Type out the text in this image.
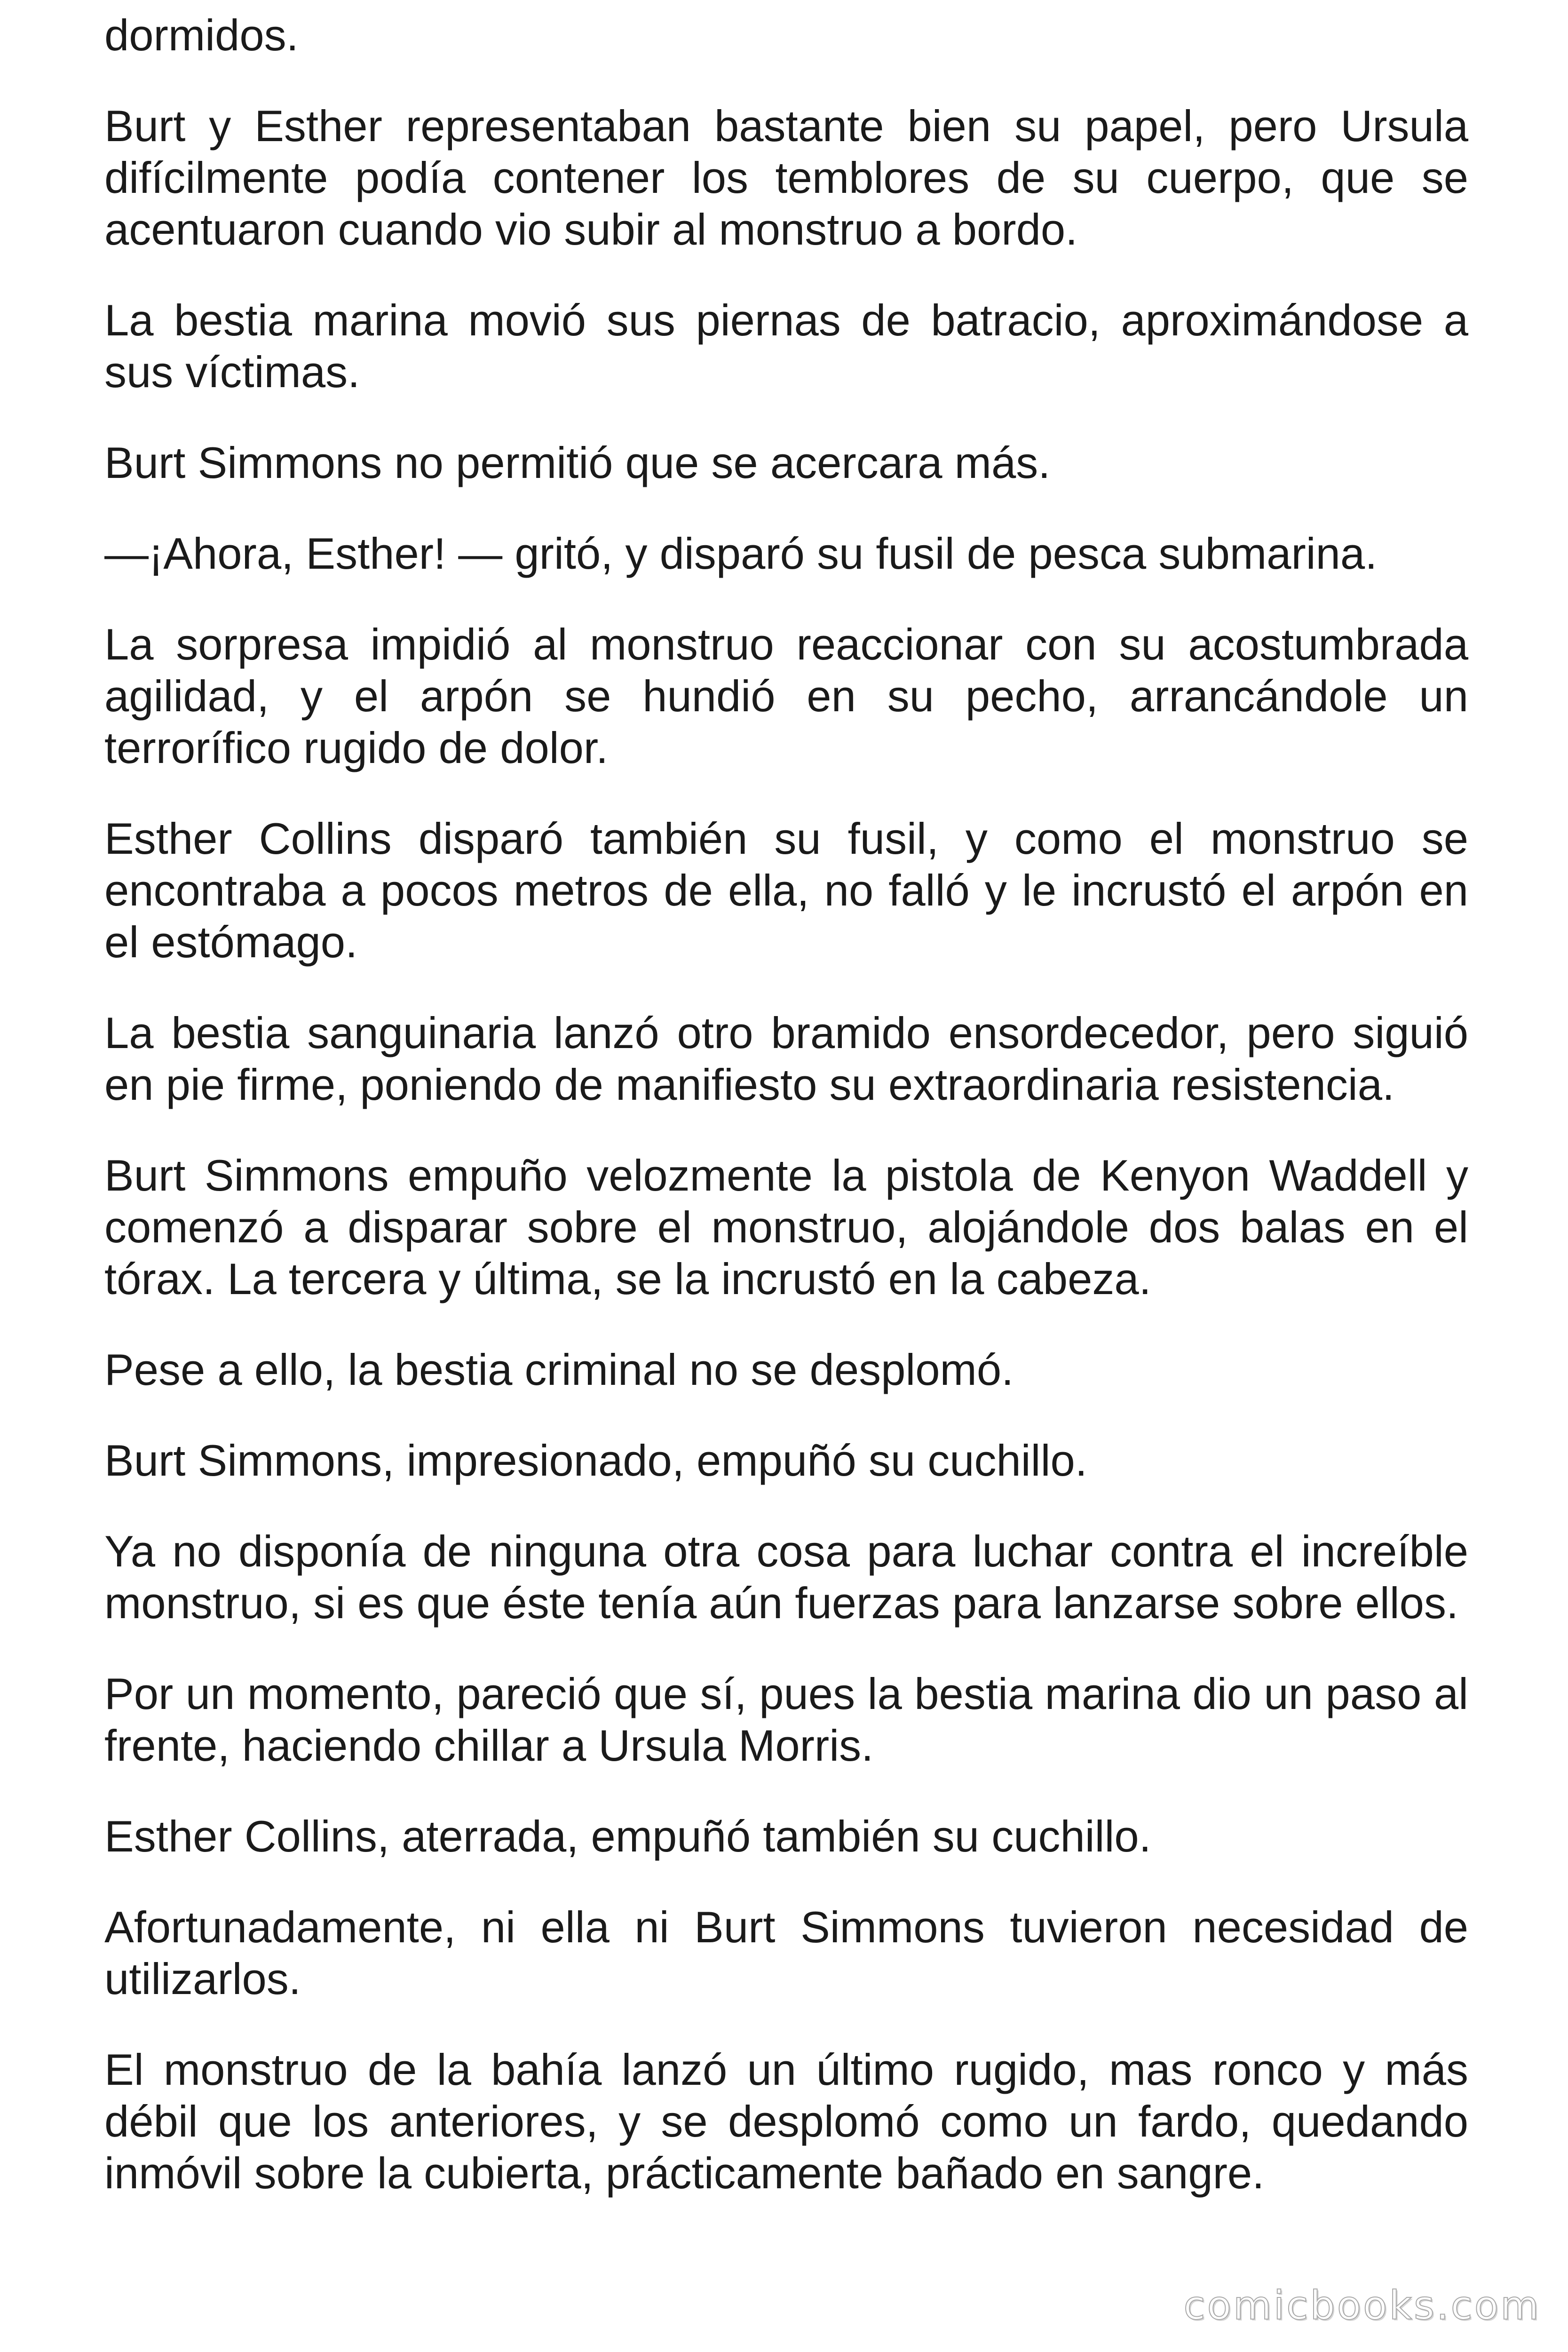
dormidos.

Burt y Esther representaban bastante bien su papel, pero Ursula difícilmente podía contener los temblores de su cuerpo, que se acentuaron cuando vio subir al monstruo a bordo.

La bestia marina movió sus piernas de batracio, aproximándose a sus víctimas.

Burt Simmons no permitió que se acercara más.

—¡Ahora, Esther! — gritó, y disparó su fusil de pesca submarina.

La sorpresa impidió al monstruo reaccionar con su acostumbrada agilidad, y el arpón se hundió en su pecho, arrancándole un terrorífico rugido de dolor.

Esther Collins disparó también su fusil, y como el monstruo se encontraba a pocos metros de ella, no falló y le incrustó el arpón en el estómago.

La bestia sanguinaria lanzó otro bramido ensordecedor, pero siguió en pie firme, poniendo de manifiesto su extraordinaria resistencia.

Burt Simmons empuño velozmente la pistola de Kenyon Waddell y comenzó a disparar sobre el monstruo, alojándole dos balas en el tórax. La tercera y última, se la incrustó en la cabeza.

Pese a ello, la bestia criminal no se desplomó.

Burt Simmons, impresionado, empuñó su cuchillo.

Ya no disponía de ninguna otra cosa para luchar contra el increíble monstruo, si es que éste tenía aún fuerzas para lanzarse sobre ellos.

Por un momento, pareció que sí, pues la bestia marina dio un paso al frente, haciendo chillar a Ursula Morris.

Esther Collins, aterrada, empuñó también su cuchillo.

Afortunadamente, ni ella ni Burt Simmons tuvieron necesidad de utilizarlos.

El monstruo de la bahía lanzó un último rugido, mas ronco y más débil que los anteriores, y se desplomó como un fardo, quedando inmóvil sobre la cubierta, prácticamente bañado en sangre.

comicbooks.com
